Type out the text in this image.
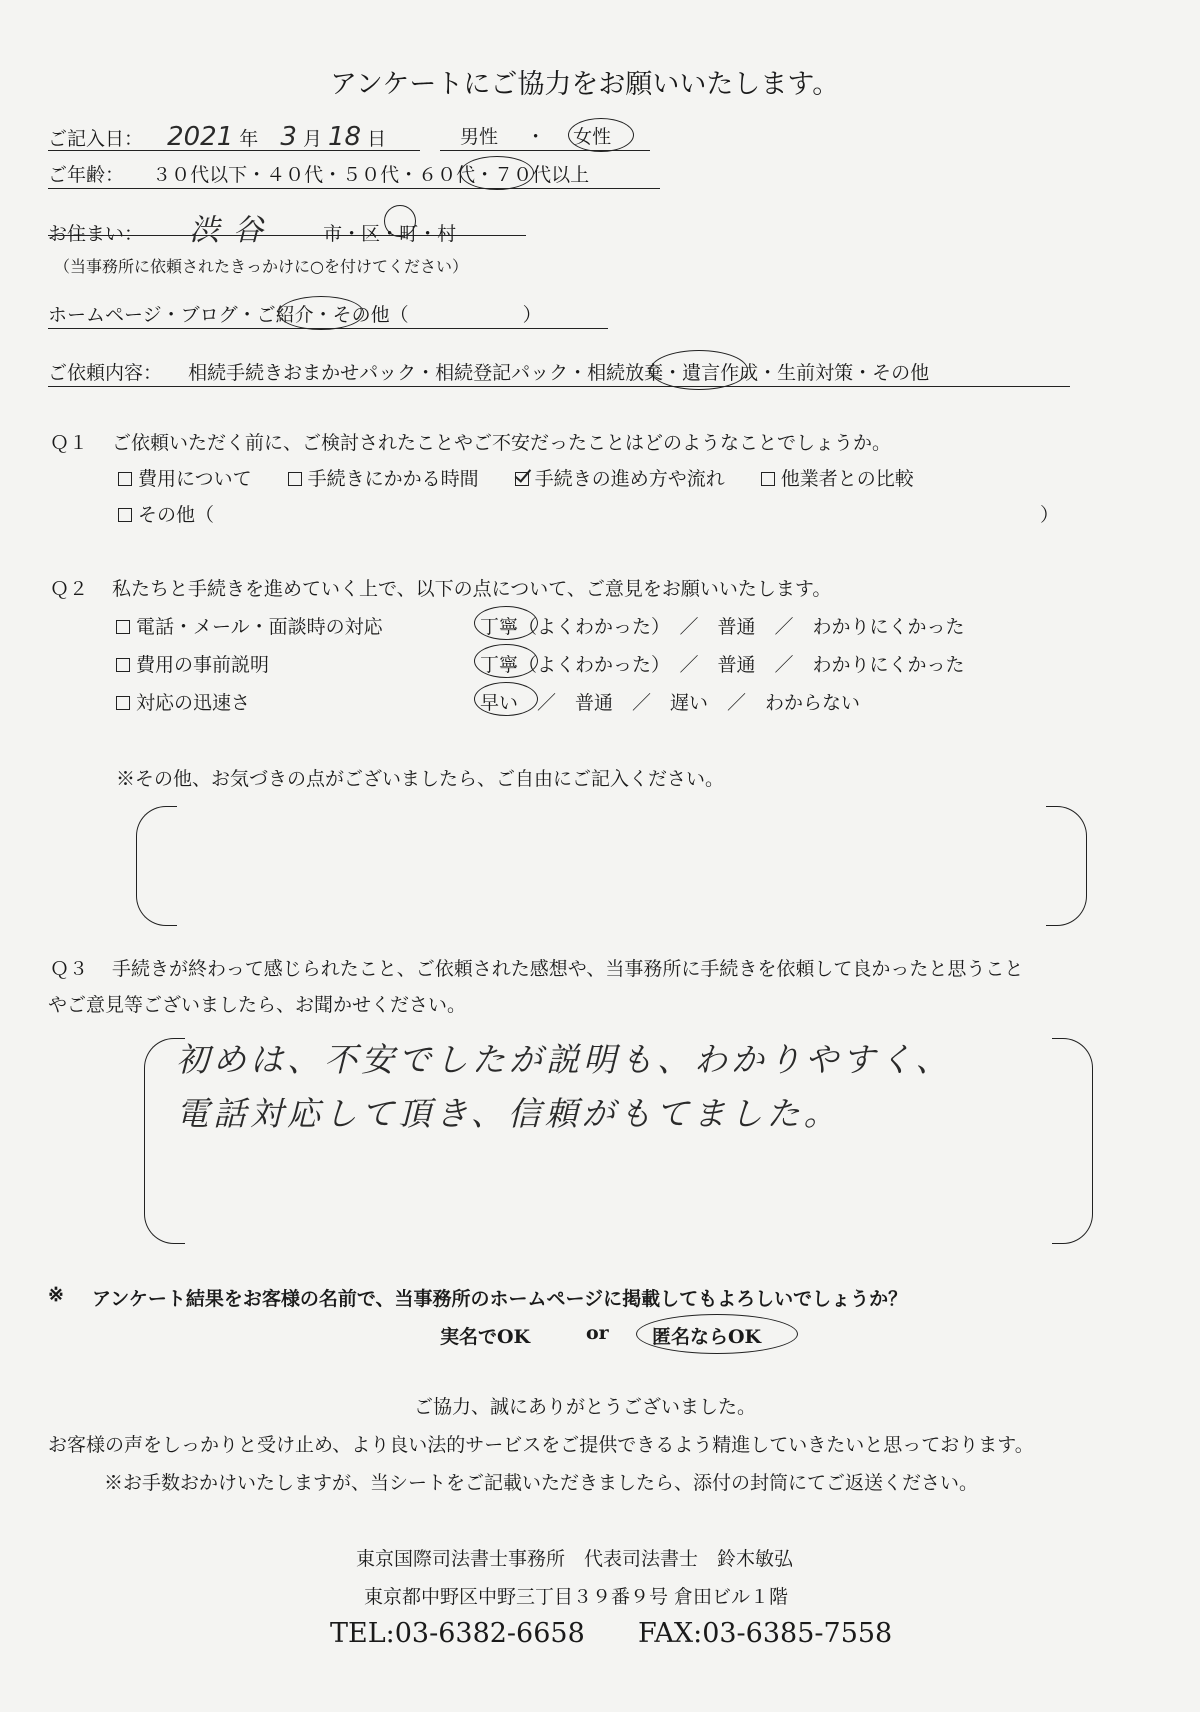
アンケートにご協力をお願いいたします。
ご記入日： 2021 年 3 月 18 日	男性 ・ 女性
ご年齢： ３０代以下・４０代・５０代・６０代・７０代以上
お住まい： 渋谷 市・区・町・村
（当事務所に依頼されたきっかけに○を付けてください）
ホームページ・ブログ・ご紹介・その他（　　　　　　）
ご依頼内容： 相続手続きおまかせパック・相続登記パック・相続放棄・遺言作成・生前対策・その他
Ｑ１ ご依頼いただく前に、ご検討されたことやご不安だったことはどのようなことでしょうか。
費用について	手続きにかかる時間	手続きの進め方や流れ	他業者との比較
その他（	）
Ｑ２ 私たちと手続きを進めていく上で、以下の点について、ご意見をお願いいたします。
電話・メール・面談時の対応	丁寧（よくわかった）　／　普通　／　わかりにくかった
費用の事前説明	丁寧（よくわかった）　／　普通　／　わかりにくかった
対応の迅速さ	早い　／　普通　／　遅い　／　わからない
※その他、お気づきの点がございましたら、ご自由にご記入ください。
Ｑ３ 手続きが終わって感じられたこと、ご依頼された感想や、当事務所に手続きを依頼して良かったと思うこと
やご意見等ございましたら、お聞かせください。
初めは、不安でしたが説明も、わかりやすく、
電話対応して頂き、信頼がもてました。
※ アンケート結果をお客様の名前で、当事務所のホームページに掲載してもよろしいでしょうか？
実名でOK	or 匿名ならOK
ご協力、誠にありがとうございました。
お客様の声をしっかりと受け止め、より良い法的サービスをご提供できるよう精進していきたいと思っております。
※お手数おかけいたしますが、当シートをご記載いただきましたら、添付の封筒にてご返送ください。
東京国際司法書士事務所　代表司法書士　鈴木敏弘
東京都中野区中野三丁目３９番９号 倉田ビル１階
TEL:03-6382-6658 FAX:03-6385-7558
